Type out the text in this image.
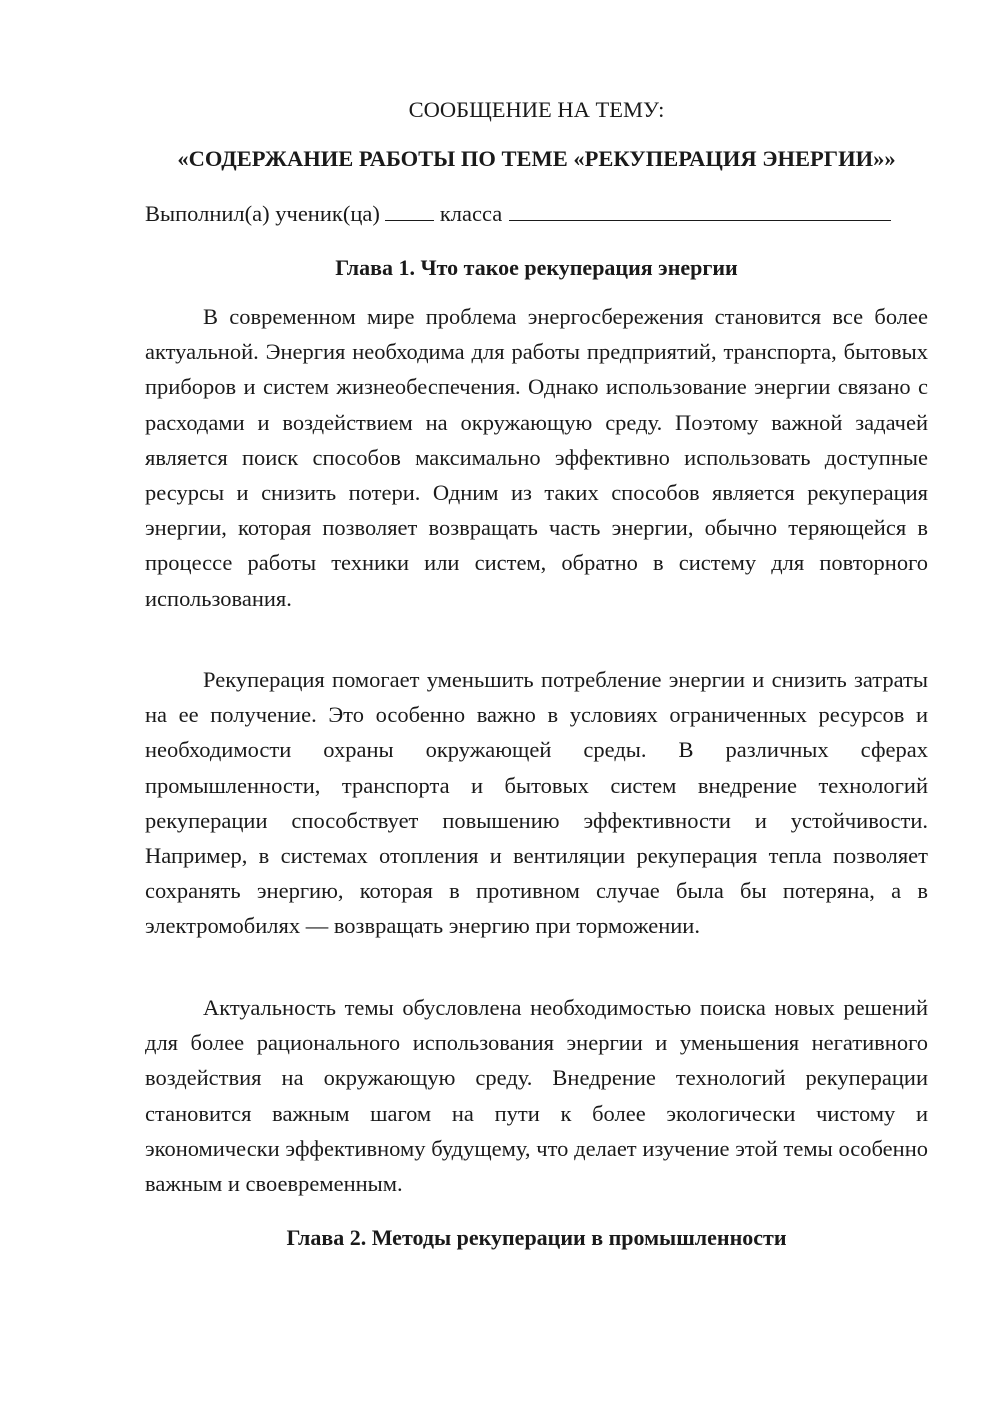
СООБЩЕНИЕ НА ТЕМУ:
«СОДЕРЖАНИЕ РАБОТЫ ПО ТЕМЕ «РЕКУПЕРАЦИЯ ЭНЕРГИИ»»
Выполнил(а) ученик(ца)	класса
Глава 1. Что такое рекуперация энергии

В современном мире проблема энергосбережения становится все более актуальной. Энергия необходима для работы предприятий, транспорта, бытовых приборов и систем жизнеобеспечения. Однако использование энергии связано с расходами и воздействием на окружающую среду. Поэтому важной задачей является поиск способов максимально эффективно использовать доступные ресурсы и снизить потери. Одним из таких способов является рекуперация энергии, которая позволяет возвращать часть энергии, обычно теряющейся в процессе работы техники или систем, обратно в систему для повторного использования.

Рекуперация помогает уменьшить потребление энергии и снизить затраты на ее получение. Это особенно важно в условиях ограниченных ресурсов и необходимости охраны окружающей среды. В различных сферах промышленности, транспорта и бытовых систем внедрение технологий рекуперации способствует повышению эффективности и устойчивости. Например, в системах отопления и вентиляции рекуперация тепла позволяет сохранять энергию, которая в противном случае была бы потеряна, а в электромобилях — возвращать энергию при торможении.

Актуальность темы обусловлена необходимостью поиска новых решений для более рационального использования энергии и уменьшения негативного воздействия на окружающую среду. Внедрение технологий рекуперации становится важным шагом на пути к более экологически чистому и экономически эффективному будущему, что делает изучение этой темы особенно важным и своевременным.

Глава 2. Методы рекуперации в промышленности
